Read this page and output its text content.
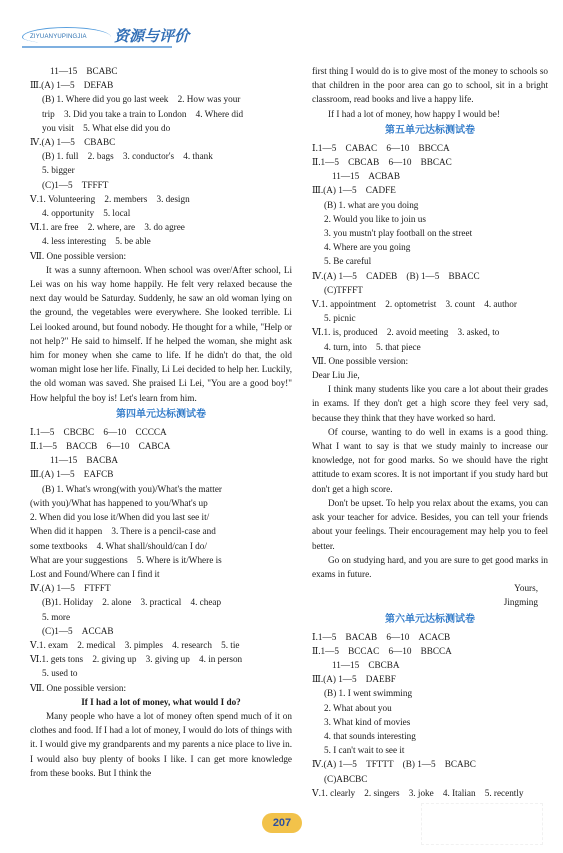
ZIYUANYUPINGJIA 资源与评价
11—15　BCABC
Ⅲ.(A) 1—5　DEFAB
(B) 1. Where did you go last week　2. How was your
trip　3. Did you take a train to London　4. Where did
you visit　5. What else did you do
Ⅳ.(A) 1—5　CBABC
(B) 1. full　2. bags　3. conductor's　4. thank
5. bigger
(C)1—5　TFFFT
Ⅴ.1. Volunteering　2. members　3. design
4. opportunity　5. local
Ⅵ.1. are free　2. where, are　3. do agree
4. less interesting　5. be able
Ⅶ. One possible version:
It was a sunny afternoon. When school was over/After school, Li Lei was on his way home happily. He felt very relaxed because the next day would be Saturday. Suddenly, he saw an old woman lying on the ground, the vegetables were everywhere. She looked terrible. Li Lei looked around, but found nobody. He thought for a while, "Help or not help?" He said to himself. If he helped the woman, she might ask him for money when she came to life. If he didn't do that, the old woman might lose her life. Finally, Li Lei decided to help her. Luckily, the old woman was saved. She praised Li Lei, "You are a good boy!" How helpful the boy is! Let's learn from him.
第四单元达标测试卷
Ⅰ.1—5　CBCBC　6—10　CCCCA
Ⅱ.1—5　BACCB　6—10　CABCA
11—15　BACBA
Ⅲ.(A) 1—5　EAFCB
(B) 1. What's wrong(with you)/What's the matter
(with you)/What has happened to you/What's up
2. When did you lose it/When did you last see it/
When did it happen　3. There is a pencil-case and
some textbooks　4. What shall/should/can I do/
What are your suggestions　5. Where is it/Where is
Lost and Found/Where can I find it
Ⅳ.(A) 1—5　FTFFT
(B)1. Holiday　2. alone　3. practical　4. cheap
5. more
(C)1—5　ACCAB
Ⅴ.1. exam　2. medical　3. pimples　4. research　5. tie
Ⅵ.1. gets tons　2. giving up　3. giving up　4. in person
5. used to
Ⅶ. One possible version:
If I had a lot of money, what would I do?
Many people who have a lot of money often spend much of it on clothes and food. If I had a lot of money, I would do lots of things with it. I would give my grandparents and my parents a nice place to live in. I would also buy plenty of books I like. I can get more knowledge from these books. But I think the
first thing I would do is to give most of the money to schools so that children in the poor area can go to school, sit in a bright classroom, read books and live a happy life.
If I had a lot of money, how happy I would be!
第五单元达标测试卷
Ⅰ.1—5　CABAC　6—10　BBCCA
Ⅱ.1—5　CBCAB　6—10　BBCAC
11—15　ACBAB
Ⅲ.(A) 1—5　CADFE
(B) 1. what are you doing
2. Would you like to join us
3. you mustn't play football on the street
4. Where are you going
5. Be careful
Ⅳ.(A) 1—5　CADEB　(B) 1—5　BBACC
(C)TFFFT
Ⅴ.1. appointment　2. optometrist　3. count　4. author
5. picnic
Ⅵ.1. is, produced　2. avoid meeting　3. asked, to
4. turn, into　5. that piece
Ⅶ. One possible version:
Dear Liu Jie,
I think many students like you care a lot about their grades in exams. If they don't get a high score they feel very sad, because they think that they have worked so hard.
Of course, wanting to do well in exams is a good thing. What I want to say is that we study mainly to increase our knowledge, not for good marks. So we should have the right attitude to exam scores. It is not important if you study hard but don't get a high score.
Don't be upset. To help you relax about the exams, you can ask your teacher for advice. Besides, you can tell your friends about your feelings. Their encouragement may help you to feel better.
Go on studying hard, and you are sure to get good marks in exams in future.
Yours,
Jingming
第六单元达标测试卷
Ⅰ.1—5　BACAB　6—10　ACACB
Ⅱ.1—5　BCCAC　6—10　BBCCA
11—15　CBCBA
Ⅲ.(A) 1—5　DAEBF
(B) 1. I went swimming
2. What about you
3. What kind of movies
4. that sounds interesting
5. I can't wait to see it
Ⅳ.(A) 1—5　TFTTT　(B) 1—5　BCABC
(C)ABCBC
Ⅴ.1. clearly　2. singers　3. joke　4. Italian　5. recently
207
